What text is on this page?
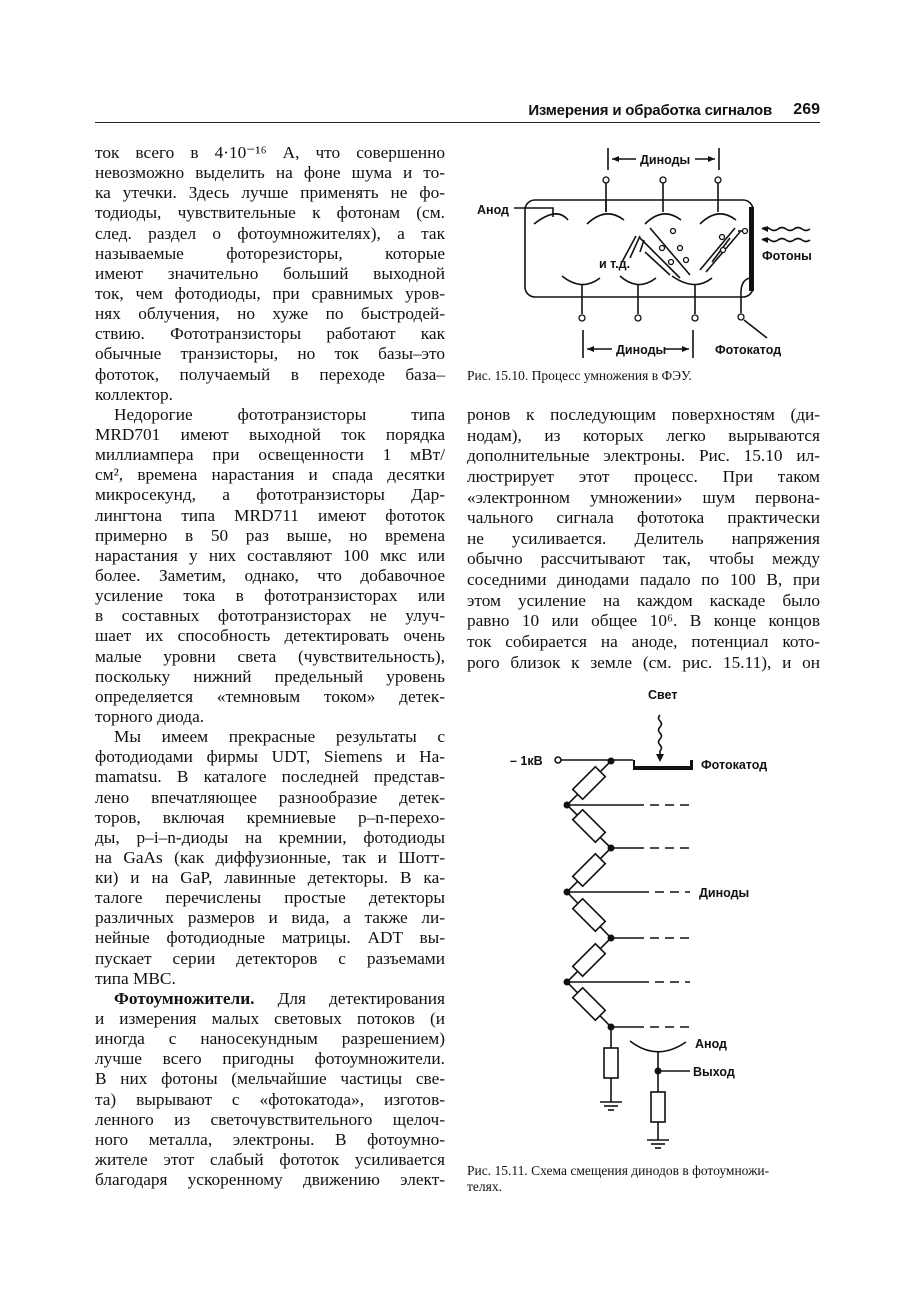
Измерения и обработка сигналов 269
ток всего в 4·10⁻¹⁶ А, что совершенно
невозможно выделить на фоне шума и то-
ка утечки. Здесь лучше применять не фо-
тодиоды, чувствительные к фотонам (см.
след. раздел о фотоумножителях), а так
называемые фоторезисторы, которые
имеют значительно больший выходной
ток, чем фотодиоды, при сравнимых уров-
нях облучения, но хуже по быстродей-
ствию. Фототранзисторы работают как
обычные транзисторы, но ток базы–это
фототок, получаемый в переходе база–
коллектор.
Недорогие фототранзисторы типа
MRD701 имеют выходной ток порядка
миллиампера при освещенности 1 мВт/
см², времена нарастания и спада десятки
микросекунд, а фототранзисторы Дар-
лингтона типа MRD711 имеют фототок
примерно в 50 раз выше, но времена
нарастания у них составляют 100 мкс или
более. Заметим, однако, что добавочное
усиление тока в фототранзисторах или
в составных фототранзисторах не улуч-
шает их способность детектировать очень
малые уровни света (чувствительность),
поскольку нижний предельный уровень
определяется «темновым током» детек-
торного диода.
Мы имеем прекрасные результаты с
фотодиодами фирмы UDT, Siemens и Ha-
mamatsu. В каталоге последней представ-
лено впечатляющее разнообразие детек-
торов, включая кремниевые p–n-перехо-
ды, p–i–n-диоды на кремнии, фотодиоды
на GaAs (как диффузионные, так и Шотт-
ки) и на GaP, лавинные детекторы. В ка-
талоге перечислены простые детекторы
различных размеров и вида, а также ли-
нейные фотодиодные матрицы. ADT вы-
пускает серии детекторов с разъемами
типа MBC.
Фотоумножители. Для детектирования
и измерения малых световых потоков (и
иногда с наносекундным разрешением)
лучше всего пригодны фотоумножители.
В них фотоны (мельчайшие частицы све-
та) вырывают с «фотокатода», изготов-
ленного из светочувствительного щелоч-
ного металла, электроны. В фотоумно-
жителе этот слабый фототок усиливается
благодаря ускоренному движению элект-
ронов к последующим поверхностям (ди-
нодам), из которых легко вырываются
дополнительные электроны. Рис. 15.10 ил-
люстрирует этот процесс. При таком
«электронном умножении» шум первона-
чального сигнала фототока практически
не усиливается. Делитель напряжения
обычно рассчитывают так, чтобы между
соседними динодами падало по 100 В, при
этом усиление на каждом каскаде было
равно 10 или общее 10⁶. В конце концов
ток собирается на аноде, потенциал кото-
рого близок к земле (см. рис. 15.11), и он
Диноды
Анод
Фотоны
и т.д.
Диноды	Фотокатод
Рис. 15.10. Процесс умножения в ФЭУ.
Свет
– 1кВ	Фотокатод
Диноды
Анод
Выход
Рис. 15.11. Схема смещения динодов в фотоумножи-
телях.
